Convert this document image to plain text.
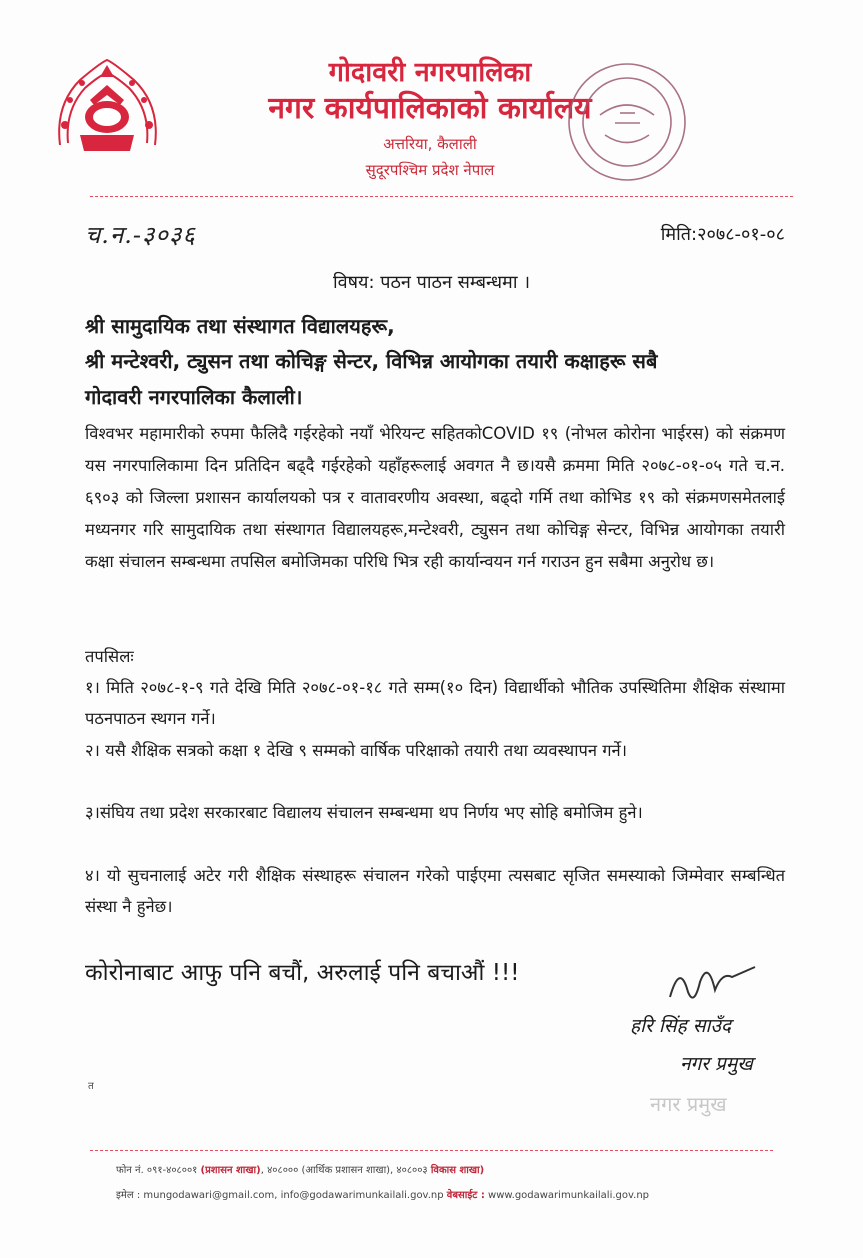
गोदावरी नगरपालिका
नगर कार्यपालिकाको कार्यालय
अत्तरिया, कैलाली
सुदूरपश्चिम प्रदेश नेपाल
च.न.-३०३६	मिति:२०७८-०१-०८
विषय: पठन पाठन सम्बन्धमा ।
श्री सामुदायिक तथा संस्थागत विद्यालयहरू,
श्री मन्टेश्वरी, ट्युसन तथा कोचिङ्ग सेन्टर, विभिन्न आयोगका तयारी कक्षाहरू सबै
गोदावरी नगरपालिका कैलाली।
विश्वभर महामारीको रुपमा फैलिदै गईरहेको नयाँ भेरियन्ट सहितकोCOVID १९ (नोभल कोरोना भाईरस) को संक्रमण यस नगरपालिकामा दिन प्रतिदिन बढ्दै गईरहेको यहाँहरूलाई अवगत नै छ।यसै क्रममा मिति २०७८-०१-०५ गते च.न. ६९०३ को जिल्ला प्रशासन कार्यालयको पत्र र वातावरणीय अवस्था, बढ्दो गर्मि तथा कोभिड १९ को संक्रमणसमेतलाई मध्यनगर गरि सामुदायिक तथा संस्थागत विद्यालयहरू,मन्टेश्वरी, ट्युसन तथा कोचिङ्ग सेन्टर, विभिन्न आयोगका तयारी कक्षा संचालन सम्बन्धमा तपसिल बमोजिमका परिधि भित्र रही कार्यान्वयन गर्न गराउन हुन सबैमा अनुरोध छ।
तपसिलः
१। मिति २०७८-१-९ गते देखि मिति २०७८-०१-१८ गते सम्म(१० दिन) विद्यार्थीको भौतिक उपस्थितिमा शैक्षिक संस्थामा पठनपाठन स्थगन गर्ने।
२। यसै शैक्षिक सत्रको कक्षा १ देखि ९ सम्मको वार्षिक परिक्षाको तयारी तथा व्यवस्थापन गर्ने।
३।संघिय तथा प्रदेश सरकारबाट विद्यालय संचालन सम्बन्धमा थप निर्णय भए सोहि बमोजिम हुने।
४। यो सुचनालाई अटेर गरी शैक्षिक संस्थाहरू संचालन गरेको पाईएमा त्यसबाट सृजित समस्याको जिम्मेवार सम्बन्धित संस्था नै हुनेछ।
कोरोनाबाट आफु पनि बचौं, अरुलाई पनि बचाऔं !!!
हरि सिंह साउँद
नगर प्रमुख
नगर प्रमुख
त
फोन नं. ०९१-४०८००१ (प्रशासन शाखा), ४०८००० (आर्थिक प्रशासन शाखा), ४०८००३ विकास शाखा)
इमेल : mungodawari@gmail.com, info@godawarimunkailali.gov.np वेबसाईट : www.godawarimunkailali.gov.np
